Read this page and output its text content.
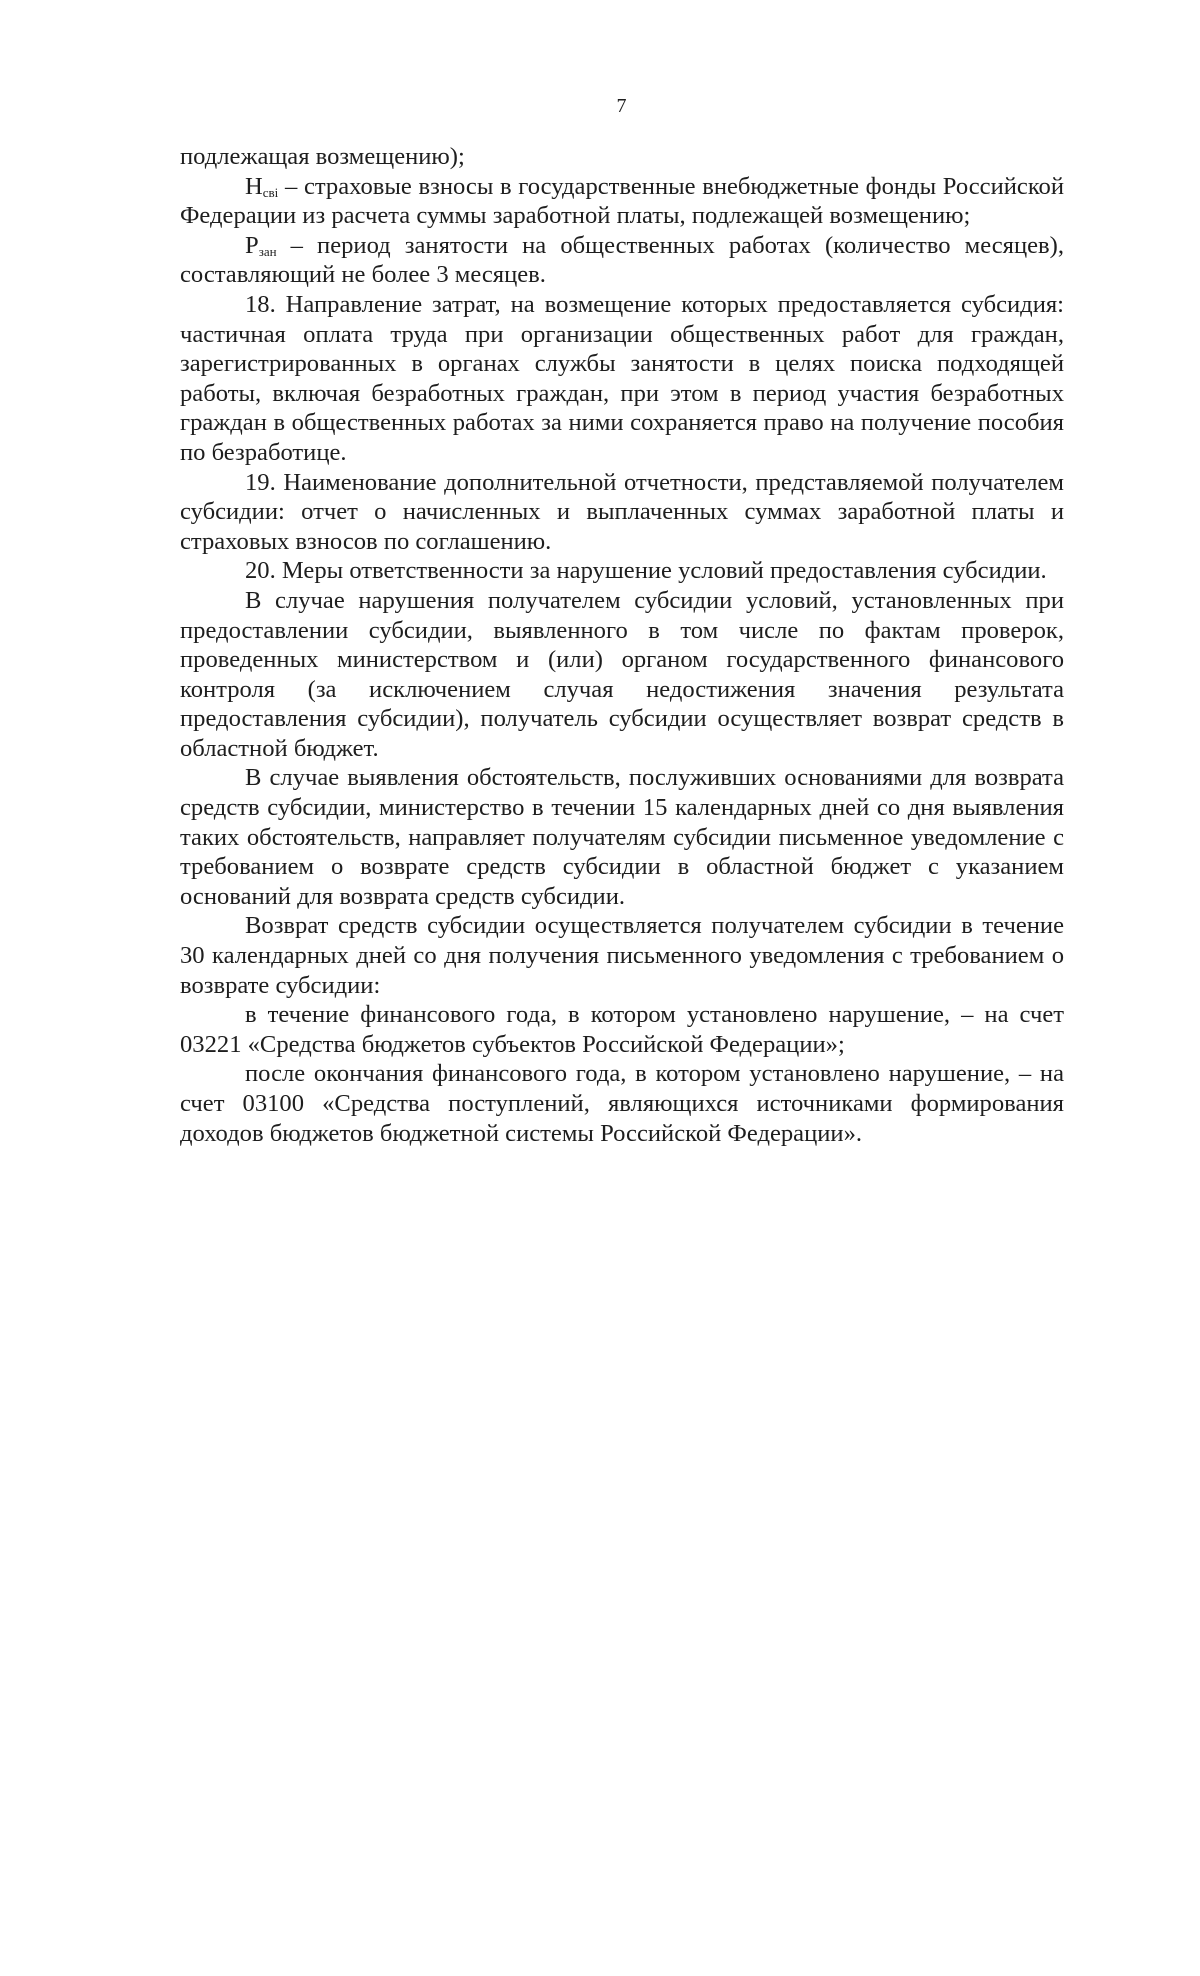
7

подлежащая возмещению);

$Н_{свi}$ – страховые взносы в государственные внебюджетные фонды Российской Федерации из расчета суммы заработной платы, подлежащей возмещению;

$Р_{зан}$ – период занятости на общественных работах (количество месяцев), составляющий не более 3 месяцев.

18. Направление затрат, на возмещение которых предоставляется субсидия: частичная оплата труда при организации общественных работ для граждан, зарегистрированных в органах службы занятости в целях поиска подходящей работы, включая безработных граждан, при этом в период участия безработных граждан в общественных работах за ними сохраняется право на получение пособия по безработице.

19. Наименование дополнительной отчетности, представляемой получателем субсидии: отчет о начисленных и выплаченных суммах заработной платы и страховых взносов по соглашению.

20. Меры ответственности за нарушение условий предоставления субсидии.

В случае нарушения получателем субсидии условий, установленных при предоставлении субсидии, выявленного в том числе по фактам проверок, проведенных министерством и (или) органом государственного финансового контроля (за исключением случая недостижения значения результата предоставления субсидии), получатель субсидии осуществляет возврат средств в областной бюджет.

В случае выявления обстоятельств, послуживших основаниями для возврата средств субсидии, министерство в течении 15 календарных дней со дня выявления таких обстоятельств, направляет получателям субсидии письменное уведомление с требованием о возврате средств субсидии в областной бюджет с указанием оснований для возврата средств субсидии.

Возврат средств субсидии осуществляется получателем субсидии в течение 30 календарных дней со дня получения письменного уведомления с требованием о возврате субсидии:

в течение финансового года, в котором установлено нарушение, – на счет 03221 «Средства бюджетов субъектов Российской Федерации»;

после окончания финансового года, в котором установлено нарушение, – на счет 03100 «Средства поступлений, являющихся источниками формирования доходов бюджетов бюджетной системы Российской Федерации».
